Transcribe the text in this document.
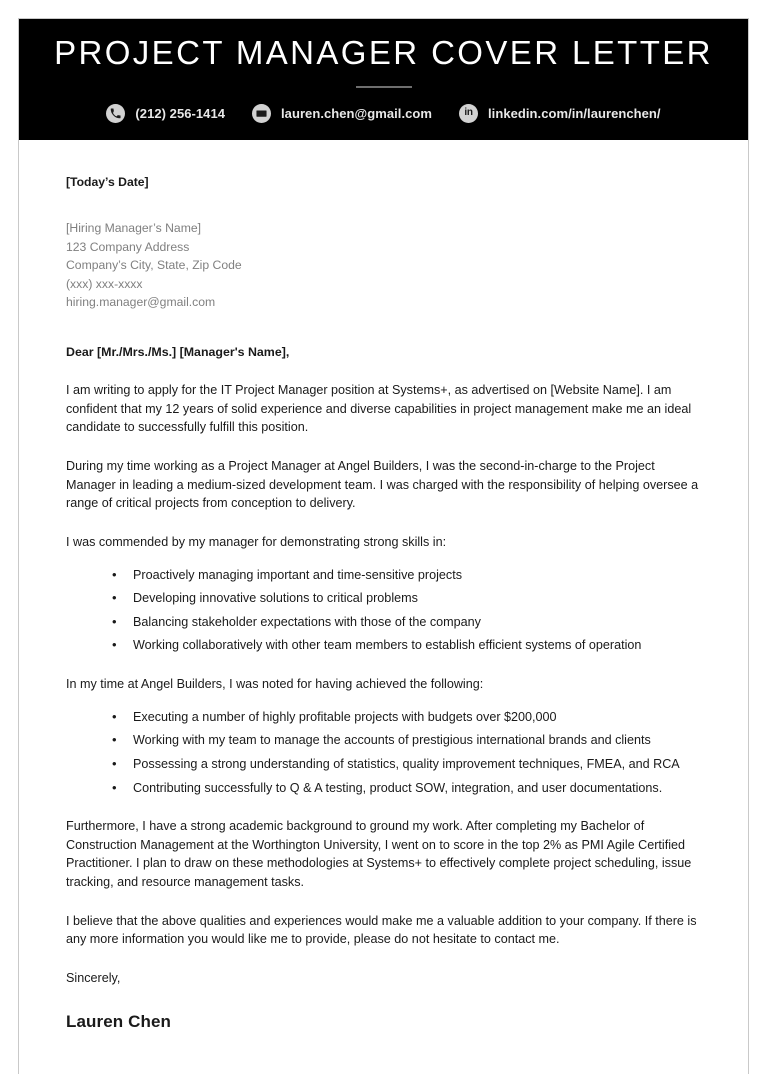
PROJECT MANAGER COVER LETTER
(212) 256-1414	lauren.chen@gmail.com	in linkedin.com/in/laurenchen/
[Today’s Date]
[Hiring Manager’s Name]
123 Company Address
Company’s City, State, Zip Code
(xxx) xxx-xxxx
hiring.manager@gmail.com
Dear [Mr./Mrs./Ms.] [Manager's Name],

I am writing to apply for the IT Project Manager position at Systems+, as advertised on [Website Name]. I am confident that my 12 years of solid experience and diverse capabilities in project management make me an ideal candidate to successfully fulfill this position.

During my time working as a Project Manager at Angel Builders, I was the second-in-charge to the Project Manager in leading a medium-sized development team. I was charged with the responsibility of helping oversee a range of critical projects from conception to delivery.

I was commended by my manager for demonstrating strong skills in:

• Proactively managing important and time-sensitive projects
• Developing innovative solutions to critical problems
• Balancing stakeholder expectations with those of the company
• Working collaboratively with other team members to establish efficient systems of operation

In my time at Angel Builders, I was noted for having achieved the following:

• Executing a number of highly profitable projects with budgets over $200,000
• Working with my team to manage the accounts of prestigious international brands and clients
• Possessing a strong understanding of statistics, quality improvement techniques, FMEA, and RCA
• Contributing successfully to Q & A testing, product SOW, integration, and user documentations.

Furthermore, I have a strong academic background to ground my work. After completing my Bachelor of Construction Management at the Worthington University, I went on to score in the top 2% as PMI Agile Certified Practitioner. I plan to draw on these methodologies at Systems+ to effectively complete project scheduling, issue tracking, and resource management tasks.

I believe that the above qualities and experiences would make me a valuable addition to your company. If there is any more information you would like me to provide, please do not hesitate to contact me.

Sincerely,

Lauren Chen
